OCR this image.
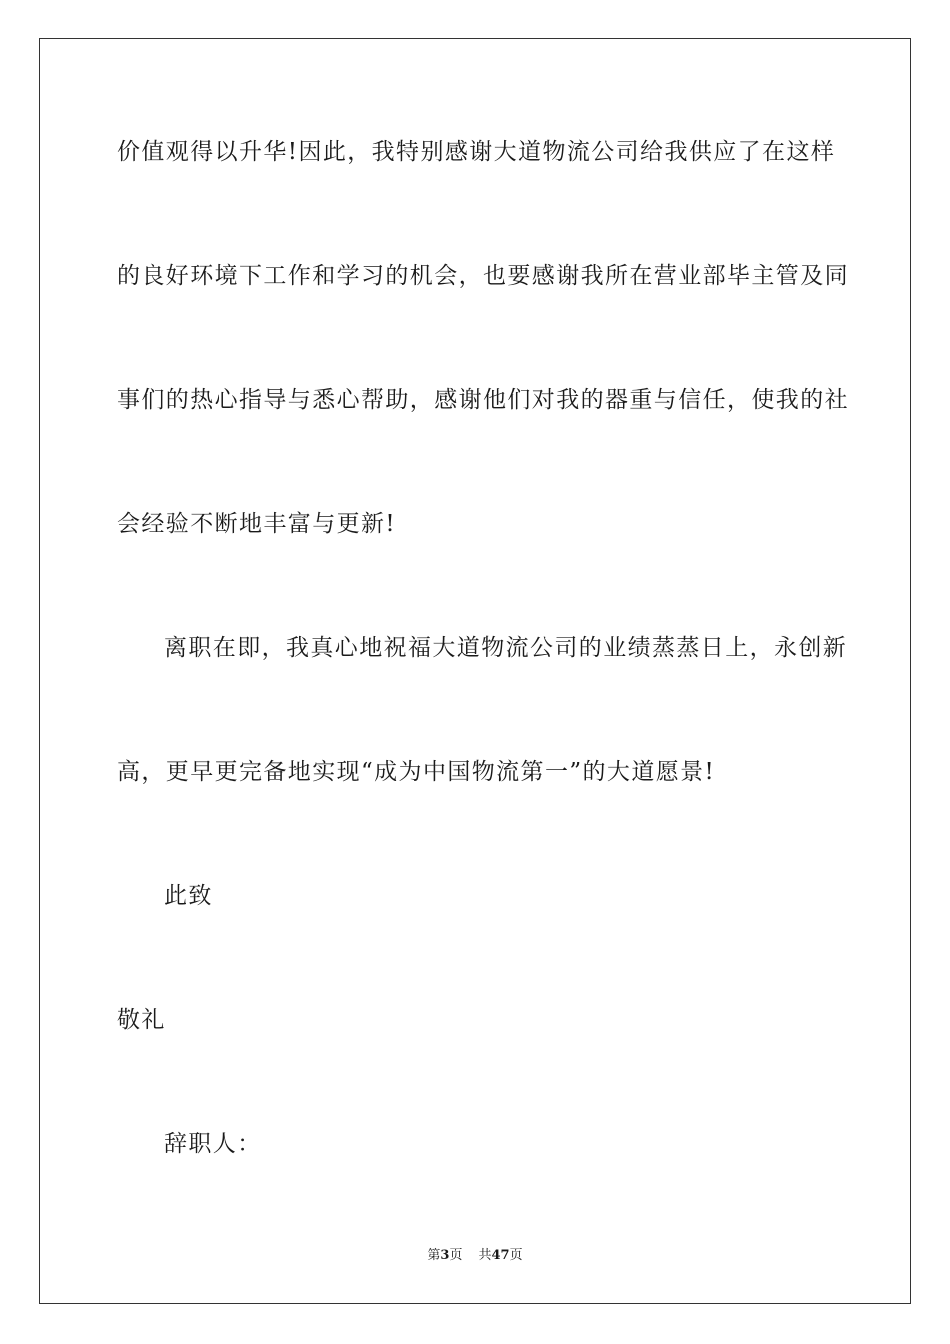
价值观得以升华!因此，我特别感谢大道物流公司给我供应了在这样
的良好环境下工作和学习的机会，也要感谢我所在营业部毕主管及同
事们的热心指导与悉心帮助，感谢他们对我的器重与信任，使我的社
会经验不断地丰富与更新!
离职在即，我真心地祝福大道物流公司的业绩蒸蒸日上，永创新
高，更早更完备地实现“成为中国物流第一”的大道愿景!
此致
敬礼
辞职人：
第3页 共47页
